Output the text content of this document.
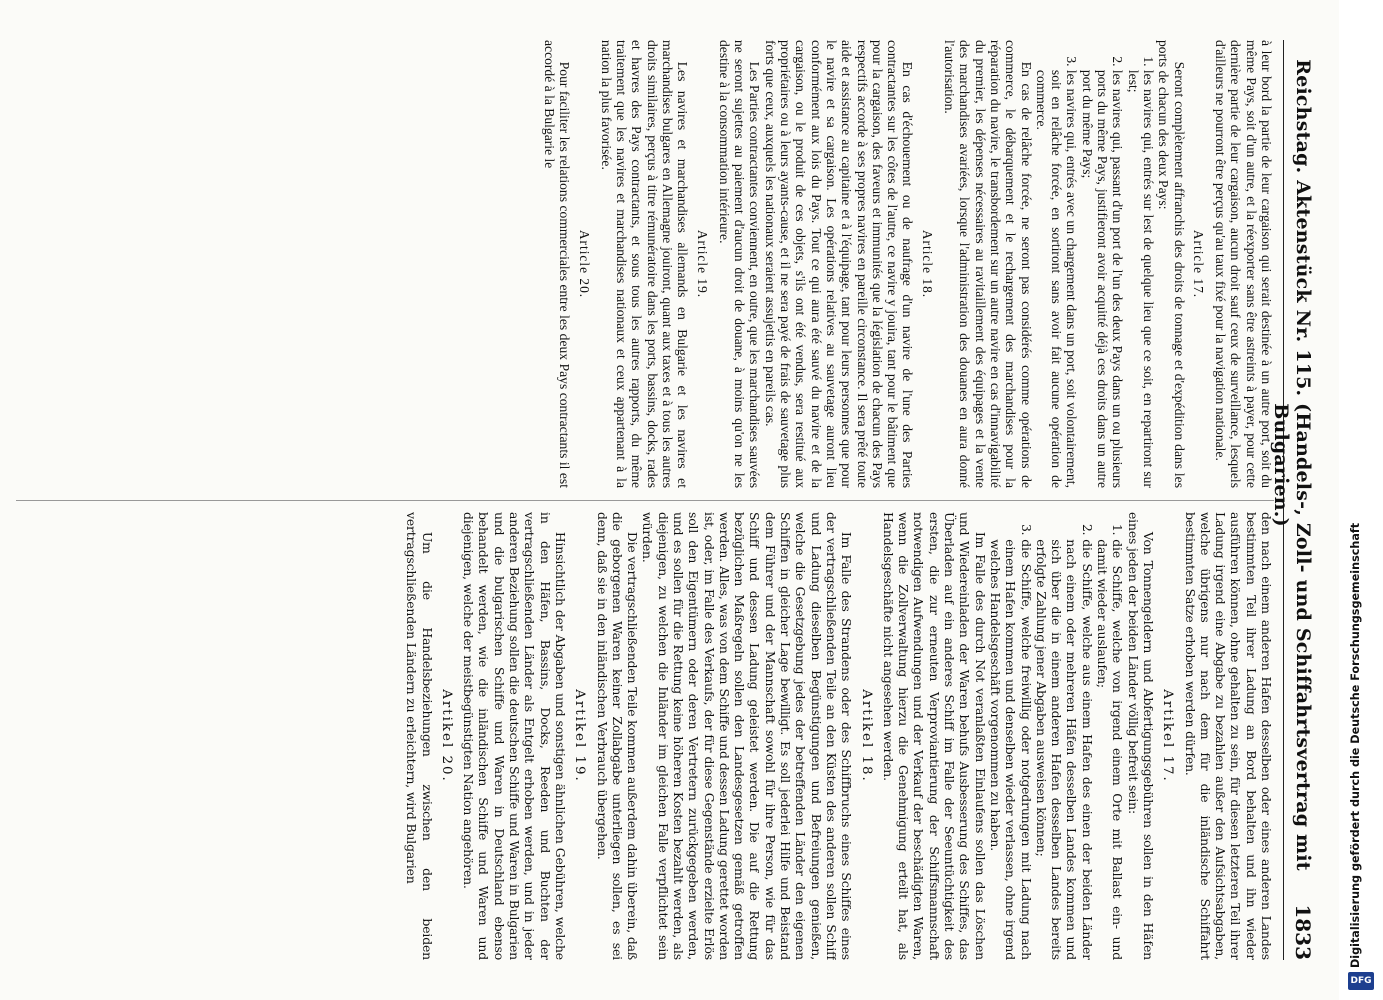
Reichstag. Aktenstück Nr. 115. (Handels-, Zoll- und Schiffahrtsvertrag mit Bulgarien.)
1833

à leur bord la partie de leur cargaison qui serait destinée à un autre port, soit du même Pays, soit d'un autre, et la réexporter sans être astreints à payer, pour cette dernière partie de leur cargaison, aucun droit sauf ceux de surveillance, lesquels d'ailleurs ne pourront être perçus qu'au taux fixé pour la navigation nationale.

Article 17.

Seront complètement affranchis des droits de tonnage et d'expédition dans les ports de chacun des deux Pays:

1. les navires qui, entrés sur lest de quelque lieu que ce soit, en repartiront sur lest;
2. les navires qui, passant d'un port de l'un des deux Pays dans un ou plusieurs ports du même Pays, justifieront avoir acquitté déjà ces droits dans un autre port du même Pays;
3. les navires qui, entrés avec un chargement dans un port, soit volontairement, soit en relâche forcée, en sortiront sans avoir fait aucune opération de commerce.

En cas de relâche forcée, ne seront pas considérés comme opérations de commerce, le débarquement et le rechargement des marchandises pour la réparation du navire, le transbordement sur un autre navire en cas d'innavigabilité du premier, les dépenses nécessaires au ravitaillement des équipages et la vente des marchandises avariées, lorsque l'administration des douanes en aura donné l'autorisation.

Article 18.

En cas d'échouement ou de naufrage d'un navire de l'une des Parties contractantes sur les côtes de l'autre, ce navire y jouira, tant pour le bâtiment que pour la cargaison, des faveurs et immunités que la législation de chacun des Pays respectifs accorde à ses propres navires en pareille circonstance. Il sera prêté toute aide et assistance au capitaine et à l'équipage, tant pour leurs personnes que pour le navire et sa cargaison. Les opérations relatives au sauvetage auront lieu conformément aux lois du Pays. Tout ce qui aura été sauvé du navire et de la cargaison, ou le produit de ces objets, s'ils ont été vendus, sera restitué aux propriétaires ou à leurs ayants-cause, et il ne sera payé de frais de sauvetage plus forts que ceux, auxquels les nationaux seraient assujettis en pareils cas.

Les Parties contractantes conviennent, en outre, que les marchandises sauvées ne seront sujettes au paiement d'aucun droit de douane, à moins qu'on ne les destine à la consommation intérieure.

Article 19.

Les navires et marchandises allemands en Bulgarie et les navires et marchandises bulgares en Allemagne jouiront, quant aux taxes et à tous les autres droits similaires, perçus à titre rémunératoire dans les ports, bassins, docks, rades et havres des Pays contractants, et sous tous les autres rapports, du même traitement que les navires et marchandises nationaux et ceux appartenant à la nation la plus favorisée.

Article 20.

Pour faciliter les relations commerciales entre les deux Pays contractants il est accordé à la Bulgarie le

den nach einem anderen Hafen desselben oder eines anderen Landes bestimmten Teil ihrer Ladung an Bord behalten und ihn wieder ausführen können, ohne gehalten zu sein, für diesen letzteren Teil ihrer Ladung irgend eine Abgabe zu bezahlen außer den Aufsichtsabgaben, welche übrigens nur nach dem für die inländische Schiffahrt bestimmten Satze erhoben werden dürfen.

Artikel 17.

Von Tonnengeldern und Abfertigungsgebühren sollen in den Häfen eines jeden der beiden Länder völlig befreit sein:

1. die Schiffe, welche von irgend einem Orte mit Ballast ein- und damit wieder auslaufen;
2. die Schiffe, welche aus einem Hafen des einen der beiden Länder nach einem oder mehreren Häfen desselben Landes kommen und sich über die in einem anderen Hafen desselben Landes bereits erfolgte Zahlung jener Abgaben ausweisen können;
3. die Schiffe, welche freiwillig oder notgedrungen mit Ladung nach einem Hafen kommen und denselben wieder verlassen, ohne irgend welches Handelsgeschäft vorgenommen zu haben.

Im Falle des durch Not veranlaßten Einlaufens sollen das Löschen und Wiedereinladen der Waren behufs Ausbesserung des Schiffes, das Überladen auf ein anderes Schiff im Falle der Seeuntüchtigkeit des ersten, die zur erneuten Verproviantierung der Schiffsmannschaft notwendigen Aufwendungen und der Verkauf der beschädigten Waren, wenn die Zollverwaltung hierzu die Genehmigung erteilt hat, als Handelsgeschäfte nicht angesehen werden.

Artikel 18.

Im Falle des Strandens oder des Schiffbruchs eines Schiffes eines der vertragschließenden Teile an den Küsten des anderen sollen Schiff und Ladung dieselben Begünstigungen und Befreiungen genießen, welche die Gesetzgebung jedes der betreffenden Länder den eigenen Schiffen in gleicher Lage bewilligt. Es soll jederlei Hilfe und Beistand dem Führer und der Mannschaft sowohl für ihre Person, wie für das Schiff und dessen Ladung geleistet werden. Die auf die Rettung bezüglichen Maßregeln sollen den Landesgesetzen gemäß getroffen werden. Alles, was von dem Schiffe und dessen Ladung gerettet worden ist, oder, im Falle des Verkaufs, der für diese Gegenstände erzielte Erlös soll den Eigentümern oder deren Vertretern zurückgegeben werden, und es sollen für die Rettung keine höheren Kosten bezahlt werden, als diejenigen, zu welchen die Inländer im gleichen Falle verpflichtet sein würden.

Die vertragschließenden Teile kommen außerdem dahin überein, daß die geborgenen Waren keiner Zollabgabe unterliegen sollen, es sei denn, daß sie in den inländischen Verbrauch übergehen.

Artikel 19.

Hinsichtlich der Abgaben und sonstigen ähnlichen Gebühren, welche in den Häfen, Bassins, Docks, Reeden und Buchten der vertragschließenden Länder als Entgelt erhoben werden, und in jeder anderen Beziehung sollen die deutschen Schiffe und Waren in Bulgarien und die bulgarischen Schiffe und Waren in Deutschland ebenso behandelt werden, wie die inländischen Schiffe und Waren und diejenigen, welche der meistbegünstigten Nation angehören.

Artikel 20.

Um die Handelsbeziehungen zwischen den beiden vertragschließenden Ländern zu erleichtern, wird Bulgarien	Digitalisierung gefördert durch die Deutsche Forschungsgemeinschaft
DFG
